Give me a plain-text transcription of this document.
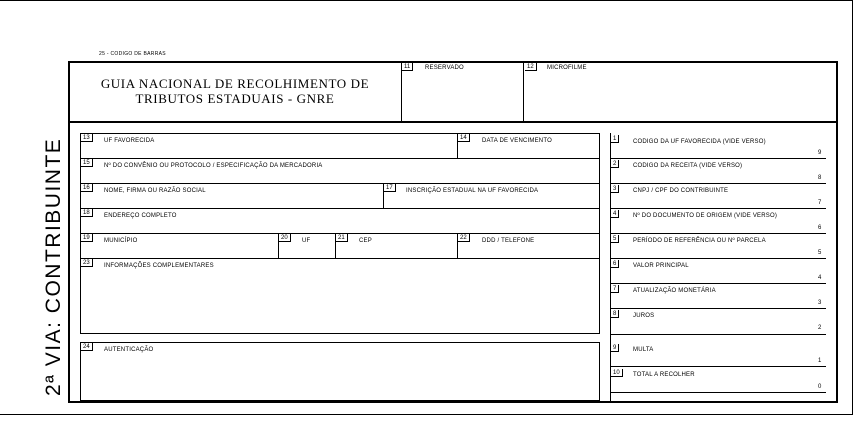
2ª VIA: CONTRIBUINTE
25 - CODIGO DE BARRAS
GUIA NACIONAL DE RECOLHIMENTO DE
TRIBUTOS ESTADUAIS - GNRE
11	RESERVADO	12	MICROFILME
13	UF FAVORECIDA	14	DATA DE VENCIMENTO
15	Nº DO CONVÊNIO OU PROTOCOLO / ESPECIFICAÇÃO DA MERCADORIA
16	NOME, FIRMA OU RAZÃO SOCIAL	17	INSCRIÇÃO ESTADUAL NA UF FAVORECIDA
18	ENDEREÇO COMPLETO
19	MUNICÍPIO	20	UF	21	CEP	22	DDD / TELEFONE
23	INFORMAÇÕES COMPLEMENTARES
24	AUTENTICAÇÃO
1	CODIGO DA UF FAVORECIDA (VIDE VERSO)
9
2	CODIGO DA RECEITA (VIDE VERSO)
8
3	CNPJ / CPF DO CONTRIBUINTE
7
4	Nº DO DOCUMENTO DE ORIGEM (VIDE VERSO)
6
5	PERÍODO DE REFERÊNCIA OU Nº PARCELA
5
6	VALOR PRINCIPAL
4
7	ATUALIZAÇÃO MONETÁRIA
3
8	JUROS
2
9	MULTA
1
10	TOTAL A RECOLHER
0
